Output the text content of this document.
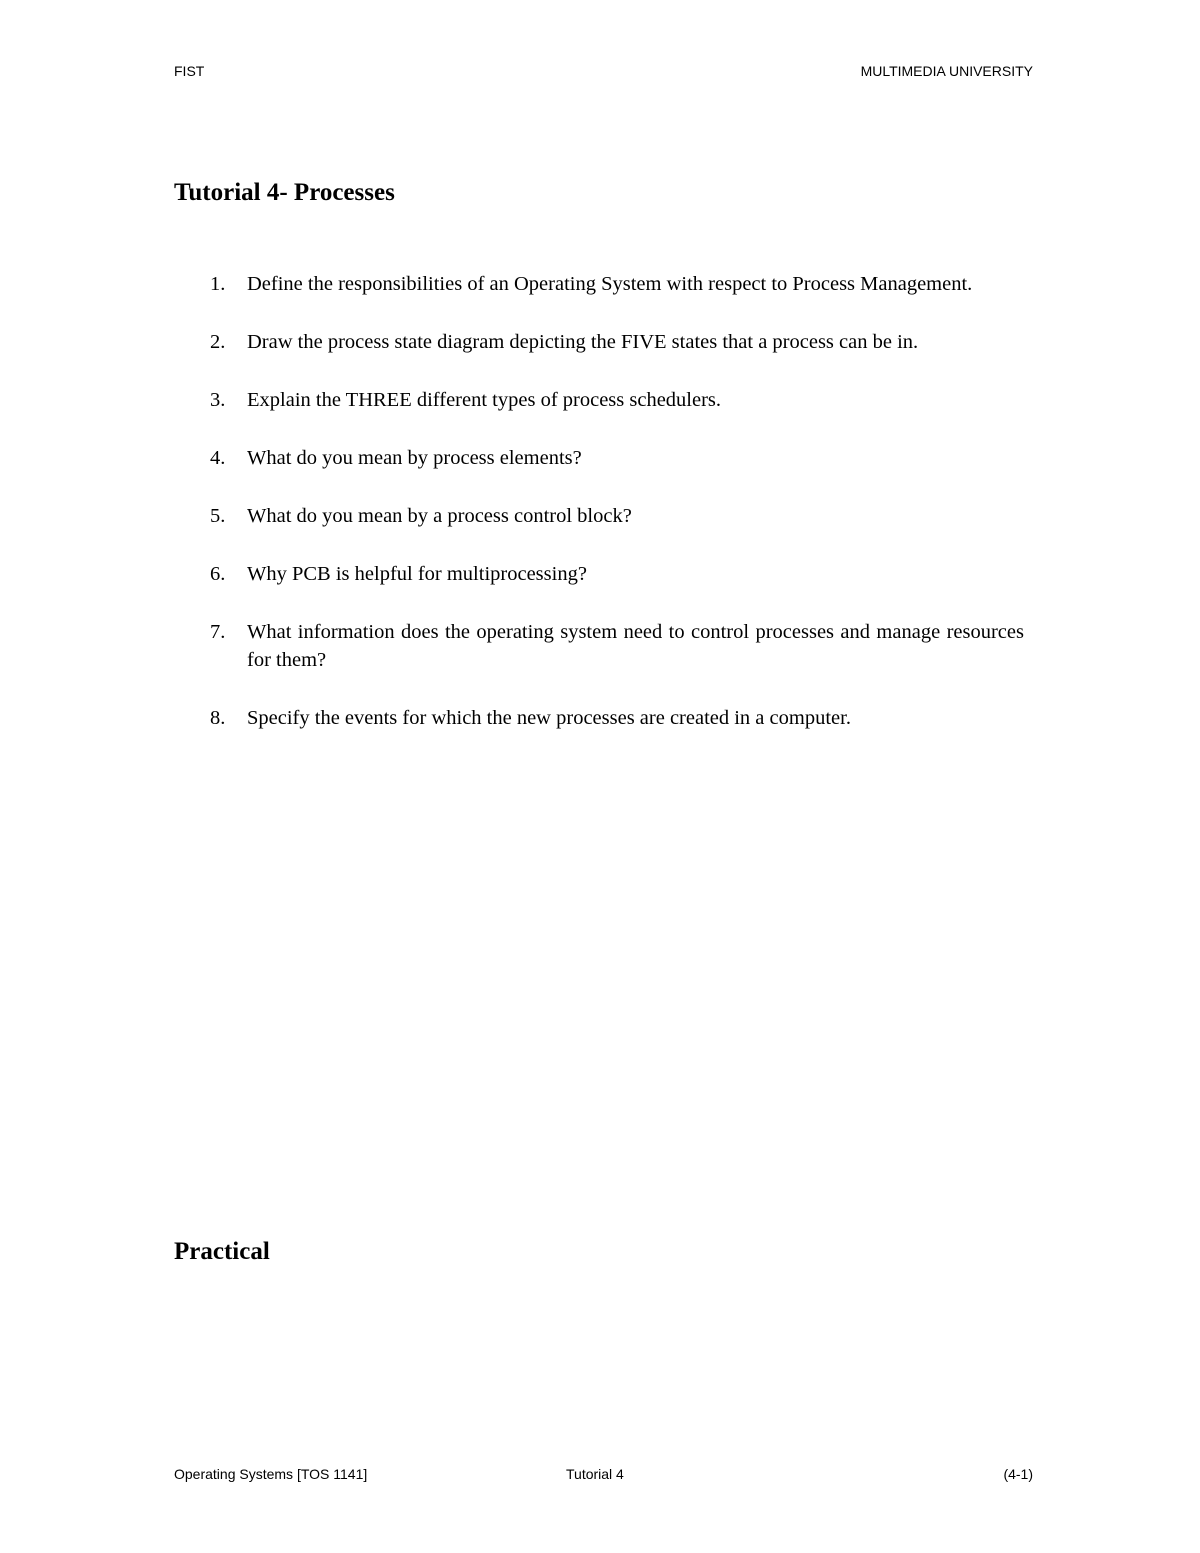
FIST	MULTIMEDIA UNIVERSITY
Tutorial 4- Processes
1. Define the responsibilities of an Operating System with respect to Process Management.
2. Draw the process state diagram depicting the FIVE states that a process can be in.
3. Explain the THREE different types of process schedulers.
4. What do you mean by process elements?
5. What do you mean by a process control block?
6. Why PCB is helpful for multiprocessing?
7. What information does the operating system need to control processes and manage resources for them?
8. Specify the events for which the new processes are created in a computer.
Practical
Operating Systems [TOS 1141]	Tutorial 4	(4-1)
